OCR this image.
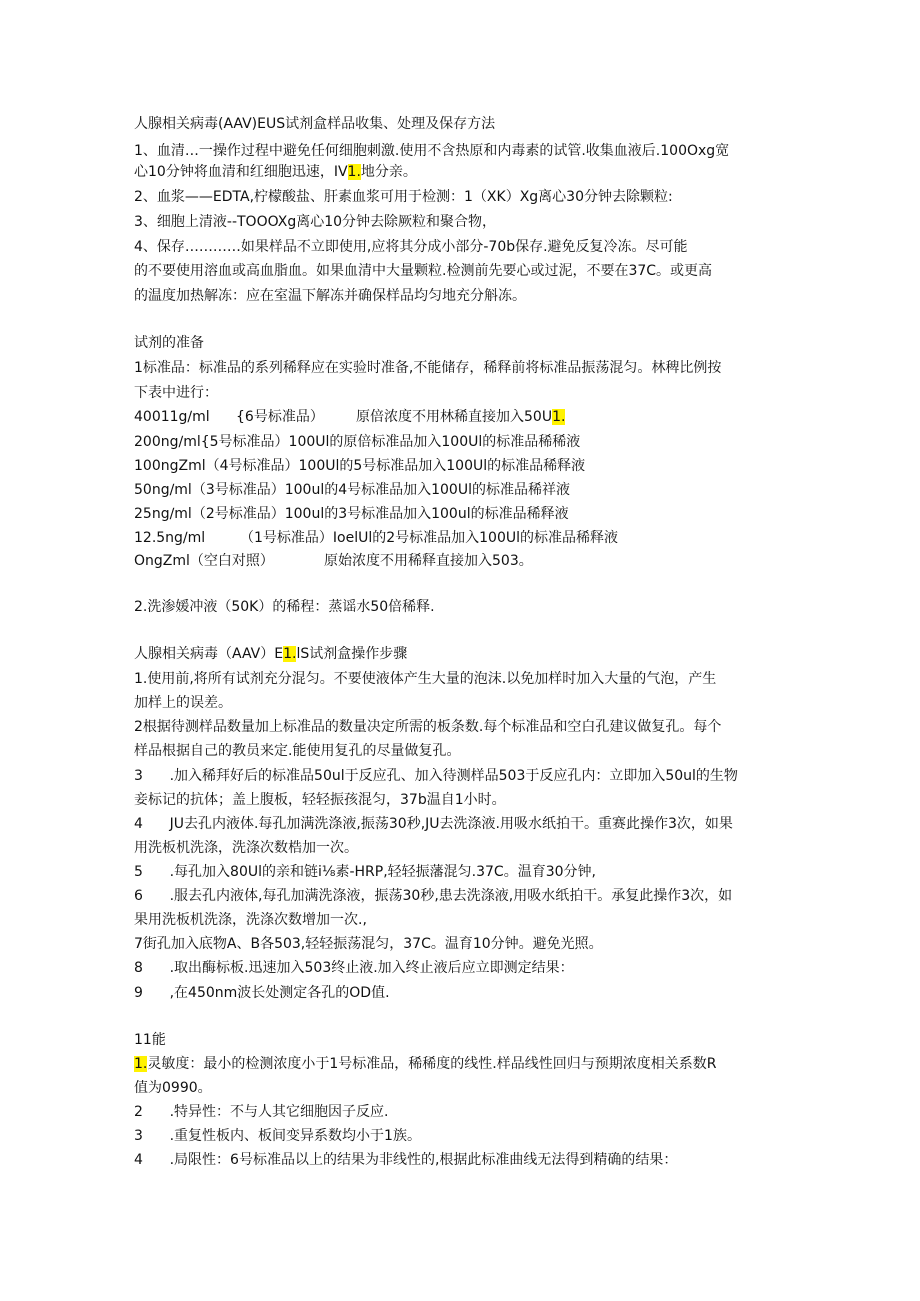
人腺相关病毒(AAV)EUS试剂盒样品收集、处理及保存方法

1、血清…一操作过程中避免任何细胞刺激.使用不含热原和内毒素的试管.收集血液后.100Oxg宽

心10分钟将血清和红细胞迅速，IV1.地分亲。

2、血浆——EDTA,柠檬酸盐、肝素血浆可用于检测：1（XK）Xg离心30分钟去除颗粒:

3、细胞上清液--TOOOXg离心10分钟去除厥粒和聚合物，

4、保存…………如果样品不立即使用,应将其分成小部分-70b保存.避免反复冷冻。尽可能

的不要使用溶血或高血脂血。如果血清中大量颗粒.检测前先要心或过泥，不要在37C。或更高

的温度加热解冻：应在室温下解冻并确保样品均匀地充分斛冻。

试剂的准备

1标准品：标准品的系列稀释应在实验时准备,不能储存，稀释前将标准品振荡混匀。林稗比例按

下表中进行：

40011g∕ml {6号标准品） 原倍浓度不用林稀直接加入50U1.

200ng∕ml{5号标准品）100Ul的原倍标准品加入100Ul的标准品稀稀液

100ngZml（4号标准品）100Ul的5号标准品加入100Ul的标准品稀释液

50ng∕ml（3号标准品）100ul的4号标准品加入100Ul的标准品稀祥液

25ng∕ml（2号标准品）100ul的3号标准品加入100ul的标准品稀释液

12.5ng∕ml （1号标准品）IoelUl的2号标准品加入100Ul的标准品稀释液

OngZml（空白对照）	原始浓度不用稀释直接加入503。

2.洗渗媛冲液（50K）的稀程：蒸谣水50倍稀释.

人腺相关病毒（AAV）E1.lS试剂盒操作步骤

1.使用前,将所有试剂充分混匀。不要使液体产生大量的泡沫.以免加样时加入大量的气泡，产生

加样上的误差。

2根据待测样品数量加上标准品的数量决定所需的板条数.每个标准品和空白孔建议做复孔。每个

样品根据自己的教员来定.能使用复孔的尽量做复孔。

3	.加入稀拜好后的标准品50ul于反应孔、加入待测样品503于反应孔内：立即加入50ul的生物

妾标记的抗体；盖上腹板，轻轻振孩混匀，37b温自1小时。

4	JU去孔内液体.每孔加满洗涤液,振荡30秒,JU去洗涤液.用吸水纸拍干。重赛此操作3次，如果

用洗板机洗涤，洗涤次数梏加一次。

5	.每孔加入80Ul的亲和链i⅛素-HRP,轻轻振藩混匀.37C。温育30分钟,

6	.服去孔内液体,每孔加满洗涤液，振荡30秒,患去洗涤液,用吸水纸拍干。承复此操作3次，如

果用洗板机洗涤，洗涤次数增加一次.,

7街孔加入底物A、B各503,轻轻振荡混匀，37C。温育10分钟。避免光照。

8	.取出酶标板.迅速加入503终止液.加入终止液后应立即测定结果：

9	,在450nm波长处测定各孔的OD值.

11能

1.灵敏度：最小的检测浓度小于1号标准品，稀稀度的线性.样品线性回归与预期浓度相关系数R

值为0990。

2	.特异性：不与人其它细胞因子反应.

3	.重复性板内、板间变异系数均小于1族。

4	.局限性：6号标准品以上的结果为非线性的,根据此标准曲线无法得到精确的结果：
